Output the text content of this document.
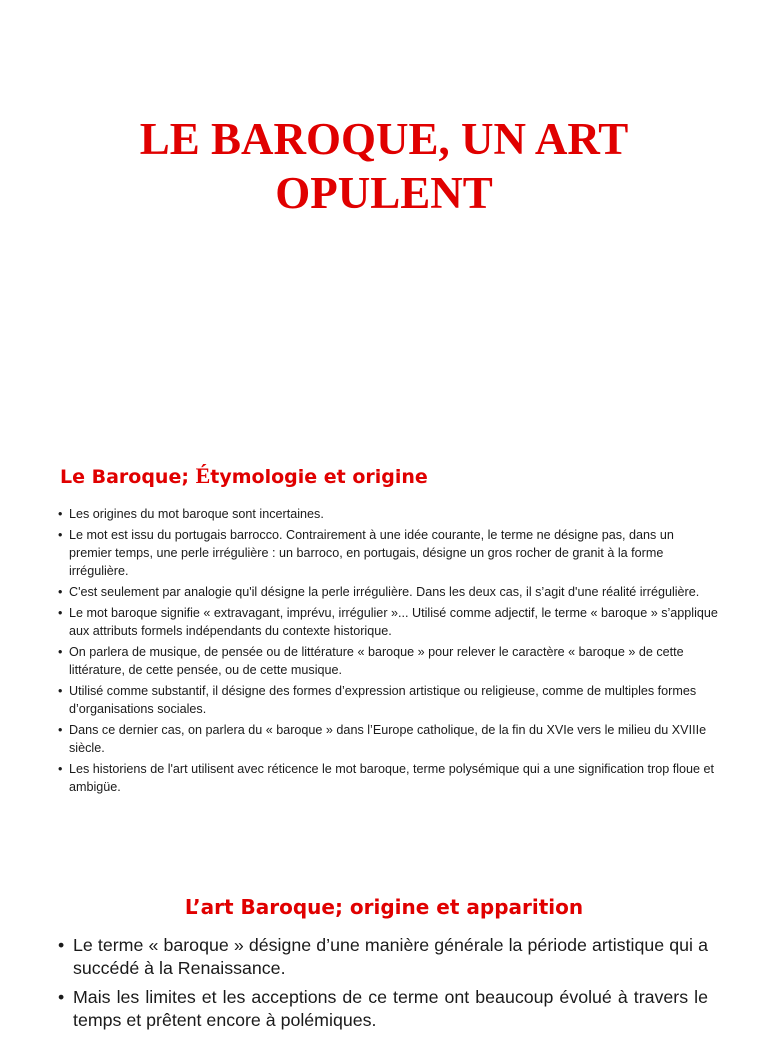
LE BAROQUE, UN ART
OPULENT
Le Baroque; Étymologie et origine
• Les origines du mot baroque sont incertaines.
• Le mot est issu du portugais barrocco. Contrairement à une idée courante, le terme ne désigne pas, dans un premier temps, une perle irrégulière : un barroco, en portugais, désigne un gros rocher de granit à la forme irrégulière.
• C'est seulement par analogie qu'il désigne la perle irrégulière. Dans les deux cas, il s’agit d'une réalité irrégulière.
• Le mot baroque signifie « extravagant, imprévu, irrégulier »... Utilisé comme adjectif, le terme « baroque » s’applique aux attributs formels indépendants du contexte historique.
• On parlera de musique, de pensée ou de littérature « baroque » pour relever le caractère « baroque » de cette littérature, de cette pensée, ou de cette musique.
• Utilisé comme substantif, il désigne des formes d’expression artistique ou religieuse, comme de multiples formes d’organisations sociales.
• Dans ce dernier cas, on parlera du « baroque » dans l’Europe catholique, de la fin du XVIe vers le milieu du XVIIIe siècle.
• Les historiens de l'art utilisent avec réticence le mot baroque, terme polysémique qui a une signification trop floue et ambigüe.
L’art Baroque; origine et apparition
• Le terme « baroque » désigne d’une manière générale la période artistique qui a succédé à la Renaissance.
• Mais les limites et les acceptions de ce terme ont beaucoup évolué à travers le temps et prêtent encore à polémiques.
